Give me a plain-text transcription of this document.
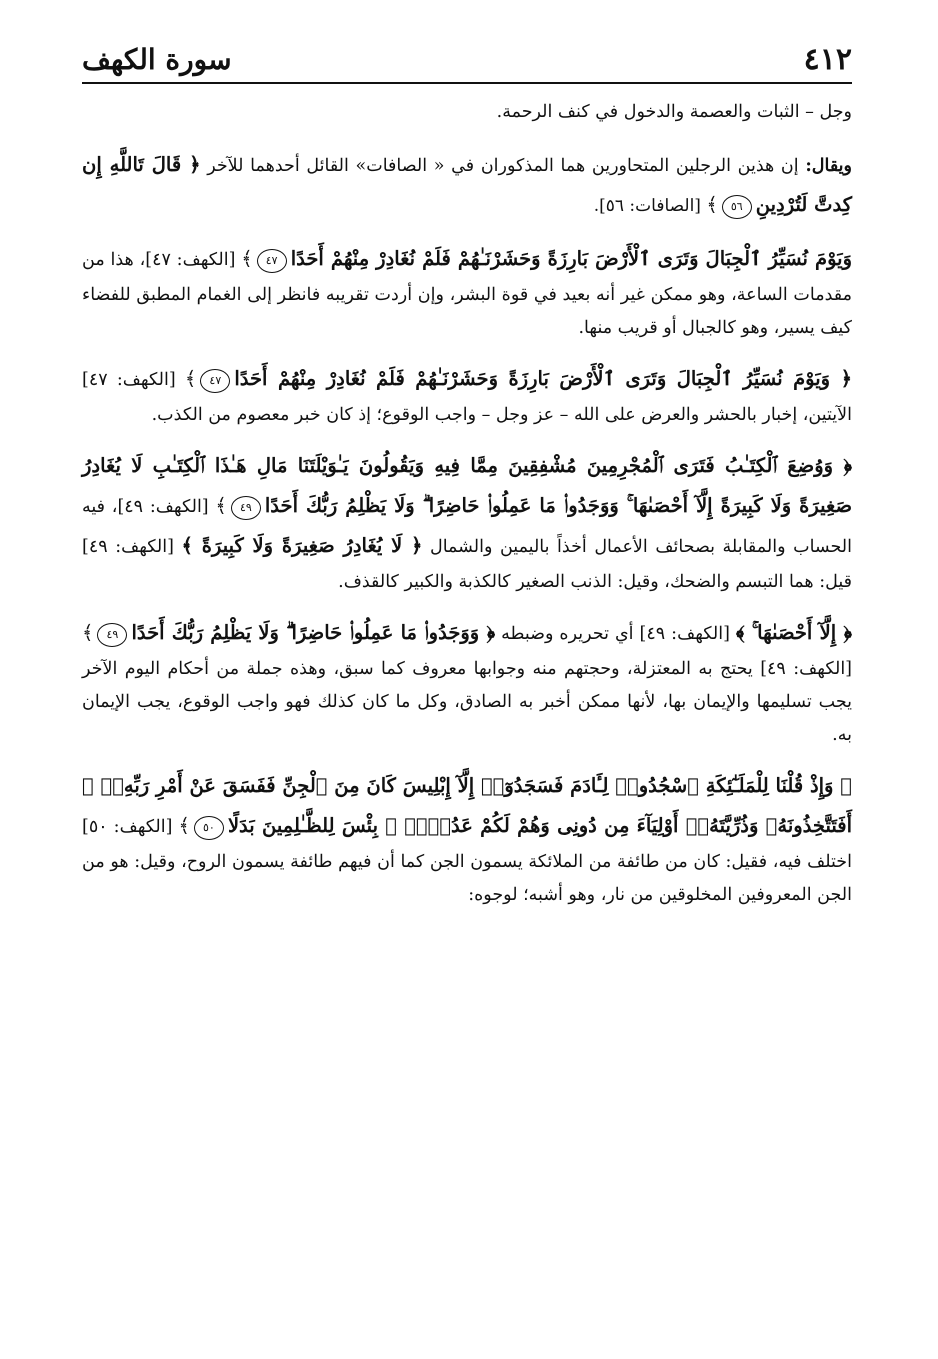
٤١٢
سورة الكهف

وجل – الثبات والعصمة والدخول في كنف الرحمة.

ويقال: إن هذين الرجلين المتحاورين هما المذكوران في « الصافات» القائل أحدهما للآخر ﴿ قَالَ تَاللَّهِ إِن كِدتَّ لَتُرْدِينِ٥٦﴾ [الصافات: ٥٦].

وَيَوْمَ نُسَيِّرُ ٱلْجِبَالَ وَتَرَى ٱلْأَرْضَ بَارِزَةً وَحَشَرْنَـٰهُمْ فَلَمْ نُغَادِرْ مِنْهُمْ أَحَدًا٤٧﴾ [الكهف: ٤٧]، هذا من مقدمات الساعة، وهو ممكن غير أنه بعيد في قوة البشر، وإن أردت تقريبه فانظر إلى الغمام المطبق للفضاء كيف يسير، وهو كالجبال أو قريب منها.

﴿ وَيَوْمَ نُسَيِّرُ ٱلْجِبَالَ وَتَرَى ٱلْأَرْضَ بَارِزَةً وَحَشَرْنَـٰهُمْ فَلَمْ نُغَادِرْ مِنْهُمْ أَحَدًا٤٧﴾ [الكهف: ٤٧] الآيتين، إخبار بالحشر والعرض على الله – عز وجل – واجب الوقوع؛ إذ كان خبر معصوم من الكذب.

﴿ وَوُضِعَ ٱلْكِتَـٰبُ فَتَرَى ٱلْمُجْرِمِينَ مُشْفِقِينَ مِمَّا فِيهِ وَيَقُولُونَ يَـٰوَيْلَتَنَا مَالِ هَـٰذَا ٱلْكِتَـٰبِ لَا يُغَادِرُ صَغِيرَةً وَلَا كَبِيرَةً إِلَّآ أَحْصَىٰهَا ۚ وَوَجَدُوا۟ مَا عَمِلُوا۟ حَاضِرًا ۗ وَلَا يَظْلِمُ رَبُّكَ أَحَدًا٤٩﴾ [الكهف: ٤٩]، فيه الحساب والمقابلة بصحائف الأعمال أخذاً باليمين والشمال ﴿ لَا يُغَادِرُ صَغِيرَةً وَلَا كَبِيرَةً ﴾ [الكهف: ٤٩] قيل: هما التبسم والضحك، وقيل: الذنب الصغير كالكذبة والكبير كالقذف.

﴿ إِلَّآ أَحْصَىٰهَا ۚ ﴾ [الكهف: ٤٩] أي تحريره وضبطه ﴿ وَوَجَدُوا۟ مَا عَمِلُوا۟ حَاضِرًا ۗ وَلَا يَظْلِمُ رَبُّكَ أَحَدًا٤٩﴾ [الكهف: ٤٩] يحتج به المعتزلة، وحجتهم منه وجوابها معروف كما سبق، وهذه جملة من أحكام اليوم الآخر يجب تسليمها والإيمان بها، لأنها ممكن أخبر به الصادق، وكل ما كان كذلك فهو واجب الوقوع، يجب الإيمان به.

﴿ وَإِذْ قُلْنَا لِلْمَلَـٰٓئِكَةِ ٱسْجُدُوا۟ لِـَٔادَمَ فَسَجَدُوٓا۟ إِلَّآ إِبْلِيسَ كَانَ مِنَ ٱلْجِنِّ فَفَسَقَ عَنْ أَمْرِ رَبِّهِۦٓ ۗ أَفَتَتَّخِذُونَهُۥ وَذُرِّيَّتَهُۥٓ أَوْلِيَآءَ مِن دُونِى وَهُمْ لَكُمْ عَدُوٌّۢ ۚ بِئْسَ لِلظَّـٰلِمِينَ بَدَلًا٥٠﴾ [الكهف: ٥٠] اختلف فيه، فقيل: كان من طائفة من الملائكة يسمون الجن كما أن فيهم طائفة يسمون الروح، وقيل: هو من الجن المعروفين المخلوقين من نار، وهو أشبه؛ لوجوه:
